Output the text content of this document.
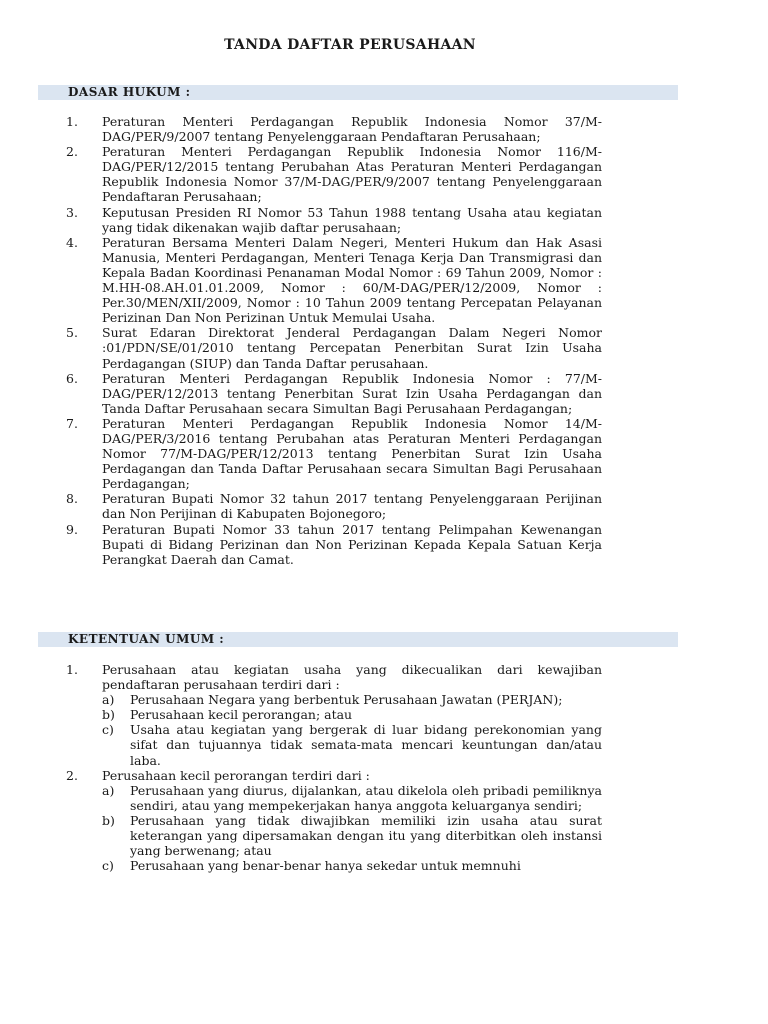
TANDA DAFTAR PERUSAHAAN
DASAR HUKUM :
1. Peraturan Menteri Perdagangan Republik Indonesia Nomor 37/M-DAG/PER/9/2007 tentang Penyelenggaraan Pendaftaran Perusahaan;
2. Peraturan Menteri Perdagangan Republik Indonesia Nomor 116/M-DAG/PER/12/2015 tentang Perubahan Atas Peraturan Menteri Perdagangan Republik Indonesia Nomor 37/M-DAG/PER/9/2007 tentang Penyelenggaraan Pendaftaran Perusahaan;
3. Keputusan Presiden RI Nomor 53 Tahun 1988 tentang Usaha atau kegiatan yang tidak dikenakan wajib daftar perusahaan;
4. Peraturan Bersama Menteri Dalam Negeri, Menteri Hukum dan Hak Asasi Manusia, Menteri Perdagangan, Menteri Tenaga Kerja Dan Transmigrasi dan Kepala Badan Koordinasi Penanaman Modal Nomor : 69 Tahun 2009, Nomor : M.HH-08.AH.01.01.2009, Nomor : 60/M-DAG/PER/12/2009, Nomor : Per.30/MEN/XII/2009, Nomor : 10 Tahun 2009 tentang Percepatan Pelayanan Perizinan Dan Non Perizinan Untuk Memulai Usaha.
5. Surat Edaran Direktorat Jenderal Perdagangan Dalam Negeri Nomor :01/PDN/SE/01/2010 tentang Percepatan Penerbitan Surat Izin Usaha Perdagangan (SIUP) dan Tanda Daftar perusahaan.
6. Peraturan Menteri Perdagangan Republik Indonesia Nomor : 77/M-DAG/PER/12/2013 tentang Penerbitan Surat Izin Usaha Perdagangan dan Tanda Daftar Perusahaan secara Simultan Bagi Perusahaan Perdagangan;
7. Peraturan Menteri Perdagangan Republik Indonesia Nomor 14/M-DAG/PER/3/2016 tentang Perubahan atas Peraturan Menteri Perdagangan Nomor 77/M-DAG/PER/12/2013 tentang Penerbitan Surat Izin Usaha Perdagangan dan Tanda Daftar Perusahaan secara Simultan Bagi Perusahaan Perdagangan;
8. Peraturan Bupati Nomor 32 tahun 2017 tentang Penyelenggaraan Perijinan dan Non Perijinan di Kabupaten Bojonegoro;
9. Peraturan Bupati Nomor 33 tahun 2017 tentang Pelimpahan Kewenangan Bupati di Bidang Perizinan dan Non Perizinan Kepada Kepala Satuan Kerja Perangkat Daerah dan Camat.
KETENTUAN UMUM :
1. Perusahaan atau kegiatan usaha yang dikecualikan dari kewajiban pendaftaran perusahaan terdiri dari :
a) Perusahaan Negara yang berbentuk Perusahaan Jawatan (PERJAN);
b) Perusahaan kecil perorangan; atau
c) Usaha atau kegiatan yang bergerak di luar bidang perekonomian yang sifat dan tujuannya tidak semata-mata mencari keuntungan dan/atau laba.
2. Perusahaan kecil perorangan terdiri dari :
a) Perusahaan yang diurus, dijalankan, atau dikelola oleh pribadi pemiliknya sendiri, atau yang mempekerjakan hanya anggota keluarganya sendiri;
b) Perusahaan yang tidak diwajibkan memiliki izin usaha atau surat keterangan yang dipersamakan dengan itu yang diterbitkan oleh instansi yang berwenang; atau
c) Perusahaan yang benar-benar hanya sekedar untuk memnuhi
